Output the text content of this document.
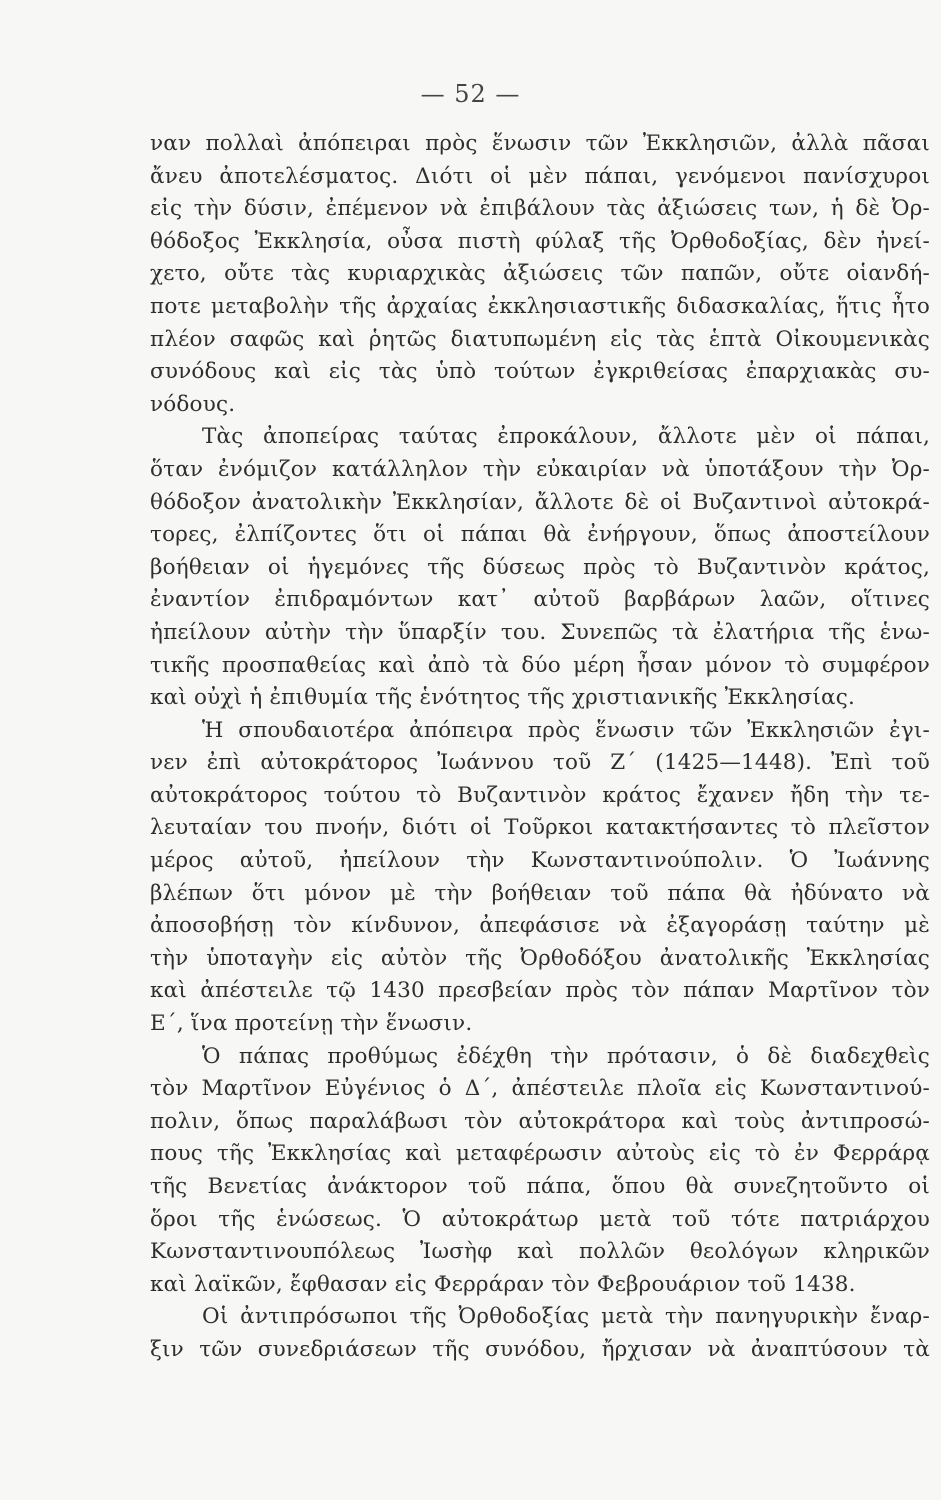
— 52 —
ναν πολλαὶ ἀπόπειραι πρὸς ἕνωσιν τῶν Ἐκκλησιῶν, ἀλλὰ πᾶσαι
ἄνευ ἀποτελέσματος. Διότι οἱ μὲν πάπαι, γενόμενοι πανίσχυροι
εἰς τὴν δύσιν, ἐπέμενον νὰ ἐπιβάλουν τὰς ἀξιώσεις των, ἡ δὲ Ὀρ-
θόδοξος Ἐκκλησία, οὖσα πιστὴ φύλαξ τῆς Ὀρθοδοξίας, δὲν ἠνεί-
χετο, οὔτε τὰς κυριαρχικὰς ἀξιώσεις τῶν παπῶν, οὔτε οἱανδή-
ποτε μεταβολὴν τῆς ἀρχαίας ἐκκλησιαστικῆς διδασκαλίας, ἥτις ἦτο
πλέον σαφῶς καὶ ῥητῶς διατυπωμένη εἰς τὰς ἑπτὰ Οἰκουμενικὰς
συνόδους καὶ εἰς τὰς ὑπὸ τούτων ἐγκριθείσας ἐπαρχιακὰς συ-
νόδους.
Τὰς ἀποπείρας ταύτας ἐπροκάλουν, ἄλλοτε μὲν οἱ πάπαι,
ὅταν ἐνόμιζον κατάλληλον τὴν εὐκαιρίαν νὰ ὑποτάξουν τὴν Ὀρ-
θόδοξον ἀνατολικὴν Ἐκκλησίαν, ἄλλοτε δὲ οἱ Βυζαντινοὶ αὐτοκρά-
τορες, ἐλπίζοντες ὅτι οἱ πάπαι θὰ ἐνήργουν, ὅπως ἀποστείλουν
βοήθειαν οἱ ἡγεμόνες τῆς δύσεως πρὸς τὸ Βυζαντινὸν κράτος,
ἐναντίον ἐπιδραμόντων κατ᾿ αὐτοῦ βαρβάρων λαῶν, οἵτινες
ἠπείλουν αὐτὴν τὴν ὕπαρξίν του. Συνεπῶς τὰ ἐλατήρια τῆς ἑνω-
τικῆς προσπαθείας καὶ ἀπὸ τὰ δύο μέρη ἦσαν μόνον τὸ συμφέρον
καὶ οὐχὶ ἡ ἐπιθυμία τῆς ἑνότητος τῆς χριστιανικῆς Ἐκκλησίας.
Ἡ σπουδαιοτέρα ἀπόπειρα πρὸς ἕνωσιν τῶν Ἐκκλησιῶν ἐγι-
νεν ἐπὶ αὐτοκράτορος Ἰωάννου τοῦ Ζ΄ (1425—1448). Ἐπὶ τοῦ
αὐτοκράτορος τούτου τὸ Βυζαντινὸν κράτος ἔχανεν ἤδη τὴν τε-
λευταίαν του πνοήν, διότι οἱ Τοῦρκοι κατακτήσαντες τὸ πλεῖστον
μέρος αὐτοῦ, ἠπείλουν τὴν Κωνσταντινούπολιν. Ὁ Ἰωάννης
βλέπων ὅτι μόνον μὲ τὴν βοήθειαν τοῦ πάπα θὰ ἠδύνατο νὰ
ἀποσοβήσῃ τὸν κίνδυνον, ἀπεφάσισε νὰ ἐξαγοράσῃ ταύτην μὲ
τὴν ὑποταγὴν εἰς αὐτὸν τῆς Ὀρθοδόξου ἀνατολικῆς Ἐκκλησίας
καὶ ἀπέστειλε τῷ 1430 πρεσβείαν πρὸς τὸν πάπαν Μαρτῖνον τὸν
Ε΄, ἵνα προτείνῃ τὴν ἕνωσιν.
Ὁ πάπας προθύμως ἐδέχθη τὴν πρότασιν, ὁ δὲ διαδεχθεὶς
τὸν Μαρτῖνον Εὐγένιος ὁ Δ΄, ἀπέστειλε πλοῖα εἰς Κωνσταντινού-
πολιν, ὅπως παραλάβωσι τὸν αὐτοκράτορα καὶ τοὺς ἀντιπροσώ-
πους τῆς Ἐκκλησίας καὶ μεταφέρωσιν αὐτοὺς εἰς τὸ ἐν Φερράρᾳ
τῆς Βενετίας ἀνάκτορον τοῦ πάπα, ὅπου θὰ συνεζητοῦντο οἱ
ὅροι τῆς ἑνώσεως. Ὁ αὐτοκράτωρ μετὰ τοῦ τότε πατριάρχου
Κωνσταντινουπόλεως Ἰωσὴφ καὶ πολλῶν θεολόγων κληρικῶν
καὶ λαϊκῶν, ἔφθασαν εἰς Φερράραν τὸν Φεβρουάριον τοῦ 1438.
Οἱ ἀντιπρόσωποι τῆς Ὀρθοδοξίας μετὰ τὴν πανηγυρικὴν ἔναρ-
ξιν τῶν συνεδριάσεων τῆς συνόδου, ἤρχισαν νὰ ἀναπτύσουν τὰ
